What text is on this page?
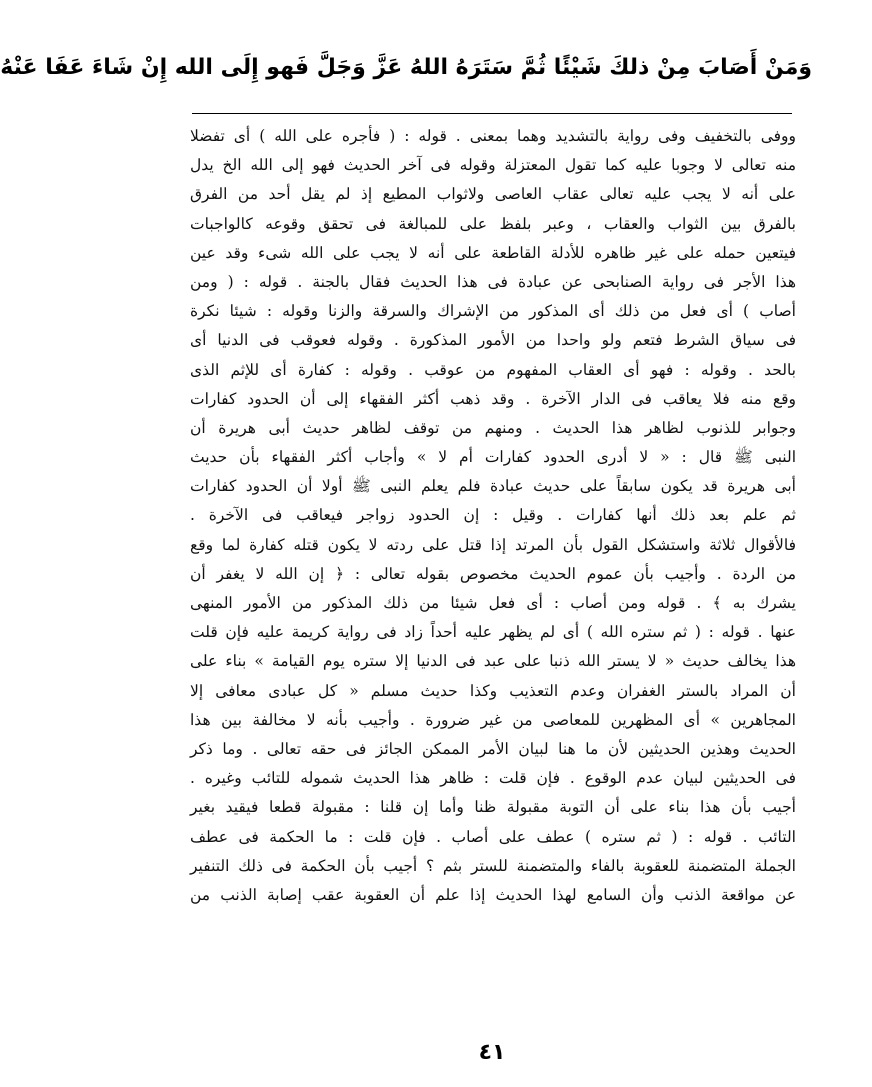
وَمَنْ أَصَابَ مِنْ ذلكَ شَيْئًا ثُمَّ سَتَرَهُ اللهُ عَزَّ وَجَلَّ فَهو إِلَى الله إِنْ شَاءَ عَفَا عَنْهُ
ووفى بالتخفيف وفى رواية بالتشديد وهما بمعنى . قوله : ( فأجره على الله ) أى تفضلا
منه تعالى لا وجوبا عليه كما تقول المعتزلة وقوله فى آخر الحديث فهو إلى الله الخ يدل
على أنه لا يجب عليه تعالى عقاب العاصى ولاثواب المطيع إذ لم يقل أحد من الفرق
بالفرق بين الثواب والعقاب ، وعبر بلفظ على للمبالغة فى تحقق وقوعه كالواجبات
فيتعين حمله على غير ظاهره للأدلة القاطعة على أنه لا يجب على الله شىء وقد عين
هذا الأجر فى رواية الصنابحى عن عبادة فى هذا الحديث فقال بالجنة . قوله : ( ومن
أصاب ) أى فعل من ذلك أى المذكور من الإشراك والسرقة والزنا وقوله : شيئا نكرة
فى سياق الشرط فتعم ولو واحدا من الأمور المذكورة . وقوله فعوقب فى الدنيا أى
بالحد . وقوله : فهو أى العقاب المفهوم من عوقب . وقوله : كفارة أى للإثم الذى
وقع منه فلا يعاقب فى الدار الآخرة . وقد ذهب أكثر الفقهاء إلى أن الحدود كفارات
وجوابر للذنوب لظاهر هذا الحديث . ومنهم من توقف لظاهر حديث أبى هريرة أن
النبى ﷺ قال : « لا أدرى الحدود كفارات أم لا » وأجاب أكثر الفقهاء بأن حديث
أبى هريرة قد يكون سابقاً على حديث عبادة فلم يعلم النبى ﷺ أولا أن الحدود كفارات
ثم علم بعد ذلك أنها كفارات . وقيل : إن الحدود زواجر فيعاقب فى الآخرة .
فالأقوال ثلاثة واستشكل القول بأن المرتد إذا قتل على ردته لا يكون قتله كفارة لما وقع
من الردة . وأجيب بأن عموم الحديث مخصوص بقوله تعالى : ﴿ إن الله لا يغفر أن
يشرك به ﴾ . قوله ومن أصاب : أى فعل شيئا من ذلك المذكور من الأمور المنهى
عنها . قوله : ( ثم ستره الله ) أى لم يظهر عليه أحداً زاد فى رواية كريمة عليه فإن قلت
هذا يخالف حديث « لا يستر الله ذنبا على عبد فى الدنيا إلا ستره يوم القيامة » بناء على
أن المراد بالستر الغفران وعدم التعذيب وكذا حديث مسلم « كل عبادى معافى إلا
المجاهرين » أى المظهرين للمعاصى من غير ضرورة . وأجيب بأنه لا مخالفة بين هذا
الحديث وهذين الحديثين لأن ما هنا لبيان الأمر الممكن الجائز فى حقه تعالى . وما ذكر
فى الحديثين لبيان عدم الوقوع . فإن قلت : ظاهر هذا الحديث شموله للتائب وغيره .
أجيب بأن هذا بناء على أن التوبة مقبولة ظنا وأما إن قلنا : مقبولة قطعا فيقيد بغير
التائب . قوله : ( ثم ستره ) عطف على أصاب . فإن قلت : ما الحكمة فى عطف
الجملة المتضمنة للعقوبة بالفاء والمتضمنة للستر بثم ؟ أجيب بأن الحكمة فى ذلك التنفير
عن مواقعة الذنب وأن السامع لهذا الحديث إذا علم أن العقوبة عقب إصابة الذنب من
٤١
